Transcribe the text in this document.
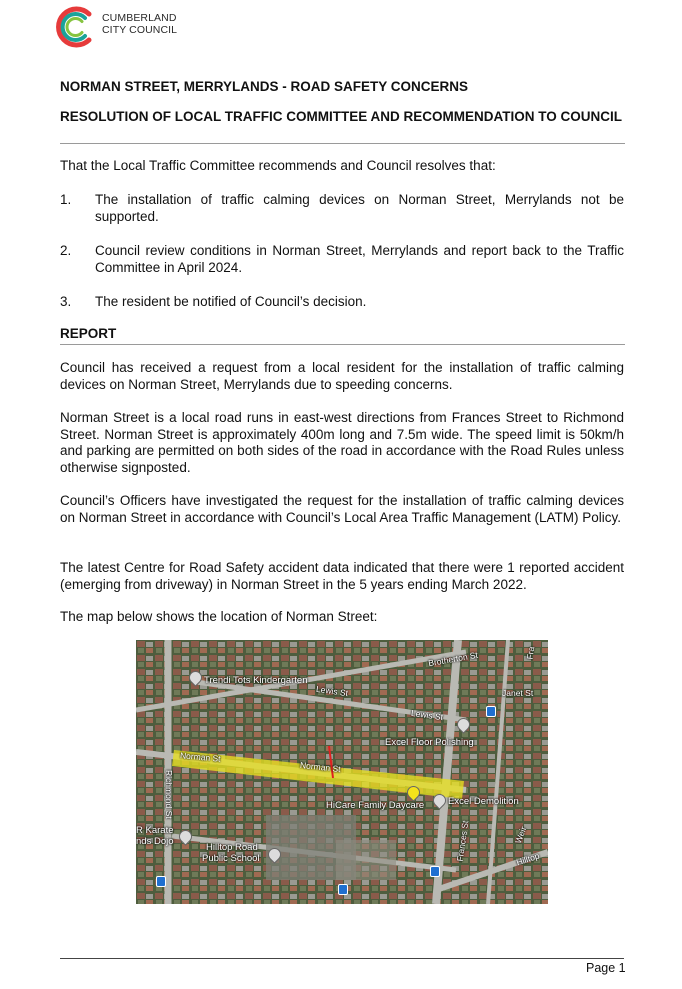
CUMBERLAND
CITY COUNCIL
NORMAN STREET, MERRYLANDS - ROAD SAFETY CONCERNS
RESOLUTION OF LOCAL TRAFFIC COMMITTEE AND RECOMMENDATION TO COUNCIL
That the Local Traffic Committee recommends and Council resolves that:
1. The installation of traffic calming devices on Norman Street, Merrylands not be supported.
2. Council review conditions in Norman Street, Merrylands and report back to the Traffic Committee in April 2024.
3. The resident be notified of Council’s decision.
REPORT
Council has received a request from a local resident for the installation of traffic calming devices on Norman Street, Merrylands due to speeding concerns.
Norman Street is a local road runs in east-west directions from Frances Street to Richmond Street. Norman Street is approximately 400m long and 7.5m wide. The speed limit is 50km/h and parking are permitted on both sides of the road in accordance with the Road Rules unless otherwise signposted.
Council’s Officers have investigated the request for the installation of traffic calming devices on Norman Street in accordance with Council’s Local Area Traffic Management (LATM) Policy.
The latest Centre for Road Safety accident data indicated that there were 1 reported accident (emerging from driveway) in Norman Street in the 5 years ending March 2022.
The map below shows the location of Norman Street:
Trendi Tots Kindergarten
Brotherton St
Lewis St
Lewis St
Janet St
Fra
Excel Floor Polishing
Norman St
Norman St
HiCare Family Daycare	Excel Demolition
Richmond St
Frances St	Weir
Hilltop
R Karate
nds Dojo
Hilltop Road
Public School
Page 1
